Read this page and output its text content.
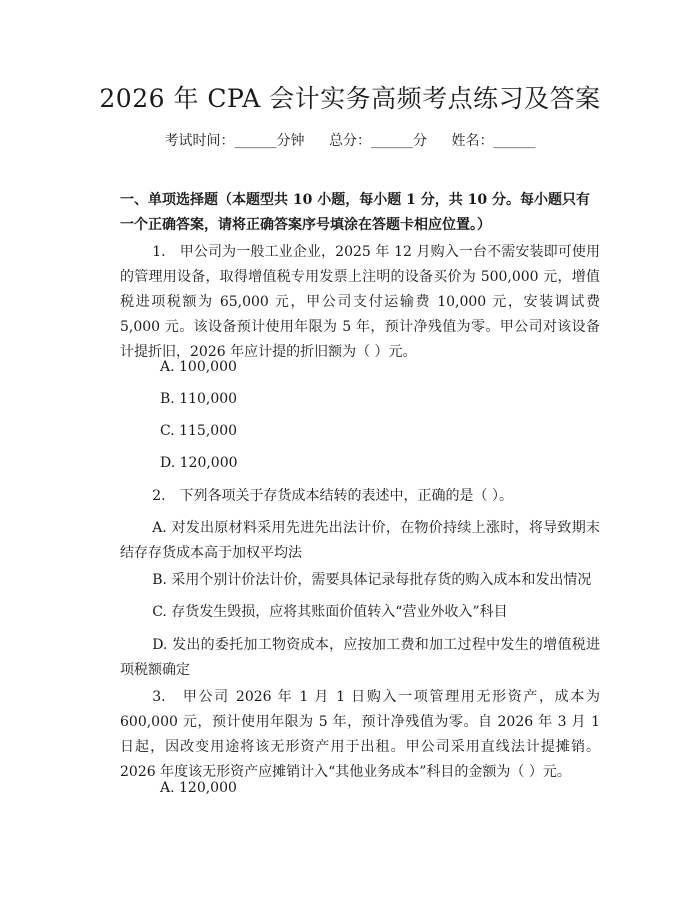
2026 年 CPA 会计实务高频考点练习及答案
考试时间：______分钟 总分：______分 姓名：______
一、单项选择题（本题型共 10 小题，每小题 1 分，共 10 分。每小题只有一个正确答案，请将正确答案序号填涂在答题卡相应位置。）
1.　甲公司为一般工业企业，2025 年 12 月购入一台不需安装即可使用的管理用设备，取得增值税专用发票上注明的设备买价为 500,000 元，增值税进项税额为 65,000 元，甲公司支付运输费 10,000 元，安装调试费 5,000 元。该设备预计使用年限为 5 年，预计净残值为零。甲公司对该设备计提折旧，2026 年应计提的折旧额为（ ）元。
A. 100,000
B. 110,000
C. 115,000
D. 120,000
2.　下列各项关于存货成本结转的表述中，正确的是（ ）。
A. 对发出原材料采用先进先出法计价，在物价持续上涨时，将导致期末结存存货成本高于加权平均法
B. 采用个别计价法计价，需要具体记录每批存货的购入成本和发出情况
C. 存货发生毁损，应将其账面价值转入“营业外收入”科目
D. 发出的委托加工物资成本，应按加工费和加工过程中发生的增值税进项税额确定
3.　甲公司 2026 年 1 月 1 日购入一项管理用无形资产，成本为 600,000 元，预计使用年限为 5 年，预计净残值为零。自 2026 年 3 月 1 日起，因改变用途将该无形资产用于出租。甲公司采用直线法计提摊销。2026 年度该无形资产应摊销计入“其他业务成本”科目的金额为（ ）元。
A. 120,000
